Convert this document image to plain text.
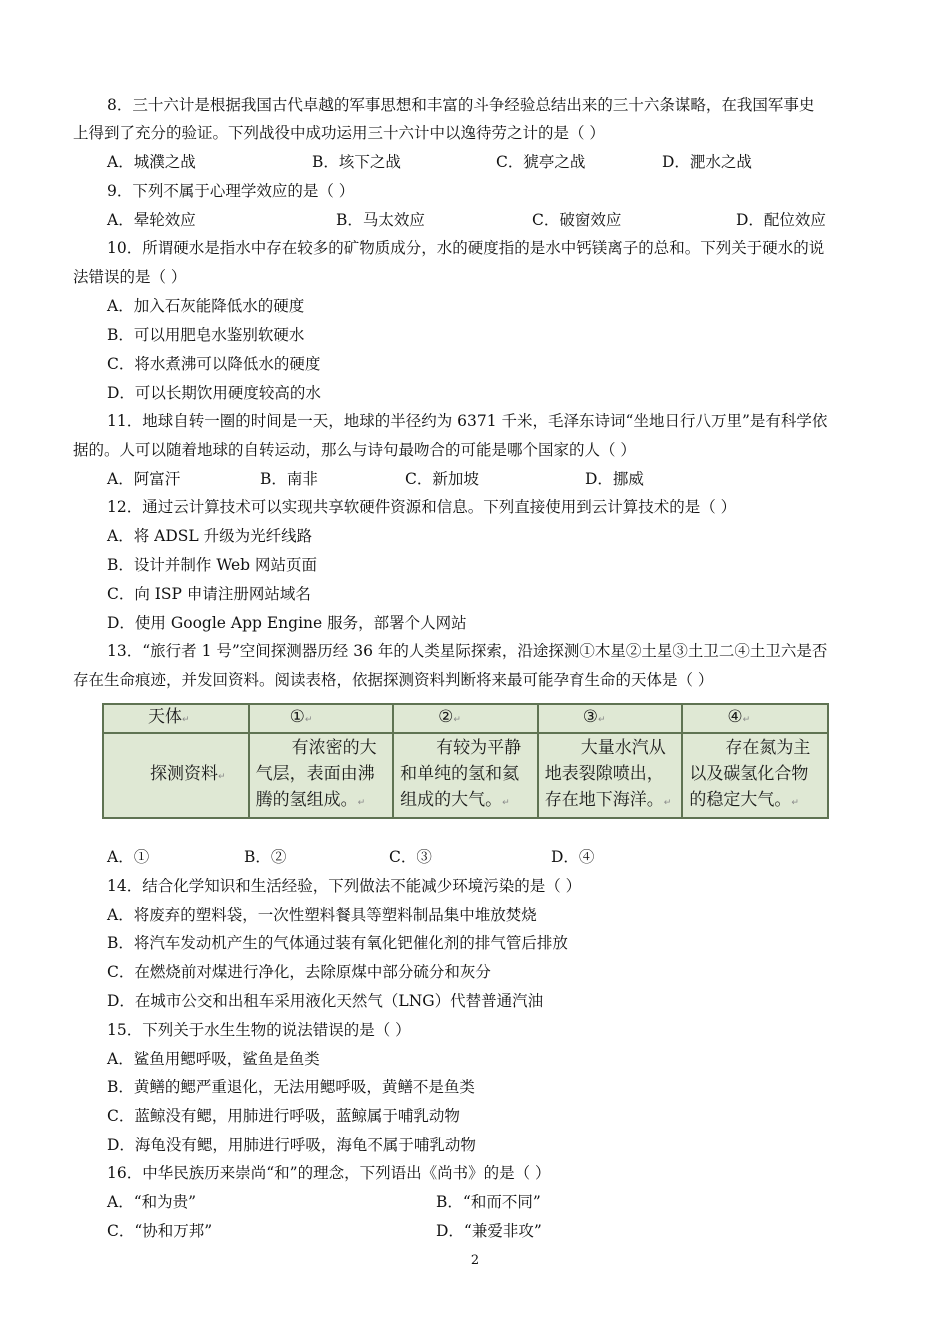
8．三十六计是根据我国古代卓越的军事思想和丰富的斗争经验总结出来的三十六条谋略，在我国军事史
上得到了充分的验证。下列战役中成功运用三十六计中以逸待劳之计的是（ ）
A．城濮之战	B．垓下之战	C．猇亭之战	D．淝水之战
9．下列不属于心理学效应的是（ ）
A．晕轮效应	B．马太效应	C．破窗效应	D．配位效应
10．所谓硬水是指水中存在较多的矿物质成分，水的硬度指的是水中钙镁离子的总和。下列关于硬水的说
法错误的是（ ）
A．加入石灰能降低水的硬度
B．可以用肥皂水鉴别软硬水
C．将水煮沸可以降低水的硬度
D．可以长期饮用硬度较高的水
11．地球自转一圈的时间是一天，地球的半径约为 6371 千米，毛泽东诗词“坐地日行八万里”是有科学依
据的。人可以随着地球的自转运动，那么与诗句最吻合的可能是哪个国家的人（ ）
A．阿富汗	B．南非	C．新加坡	D．挪威
12．通过云计算技术可以实现共享软硬件资源和信息。下列直接使用到云计算技术的是（ ）
A．将 ADSL 升级为光纤线路
B．设计并制作 Web 网站页面
C．向 ISP 申请注册网站域名
D．使用 Google App Engine 服务，部署个人网站
13．“旅行者 1 号”空间探测器历经 36 年的人类星际探索，沿途探测①木星②土星③土卫二④土卫六是否
存在生命痕迹，并发回资料。阅读表格，依据探测资料判断将来最可能孕育生命的天体是（ ）
天体↵	①↵	②↵	③↵	④↵
探测资料↵	有浓密的大
气层，表面由沸
腾的氢组成。↵	有较为平静
和单纯的氢和氦
组成的大气。↵	大量水汽从
地表裂隙喷出，
存在地下海洋。↵	存在氮为主
以及碳氢化合物
的稳定大气。↵
A．①	B．②	C．③	D．④
14．结合化学知识和生活经验，下列做法不能减少环境污染的是（ ）
A．将废弃的塑料袋，一次性塑料餐具等塑料制品集中堆放焚烧
B．将汽车发动机产生的气体通过装有氧化钯催化剂的排气管后排放
C．在燃烧前对煤进行净化，去除原煤中部分硫分和灰分
D．在城市公交和出租车采用液化天然气（LNG）代替普通汽油
15．下列关于水生生物的说法错误的是（ ）
A．鲨鱼用鳃呼吸，鲨鱼是鱼类
B．黄鳝的鳃严重退化，无法用鳃呼吸，黄鳝不是鱼类
C．蓝鲸没有鳃，用肺进行呼吸，蓝鲸属于哺乳动物
D．海龟没有鳃，用肺进行呼吸，海龟不属于哺乳动物
16．中华民族历来崇尚“和”的理念，下列语出《尚书》的是（ ）
A．“和为贵”	B．“和而不同”
C．“协和万邦”	D．“兼爱非攻”
2
